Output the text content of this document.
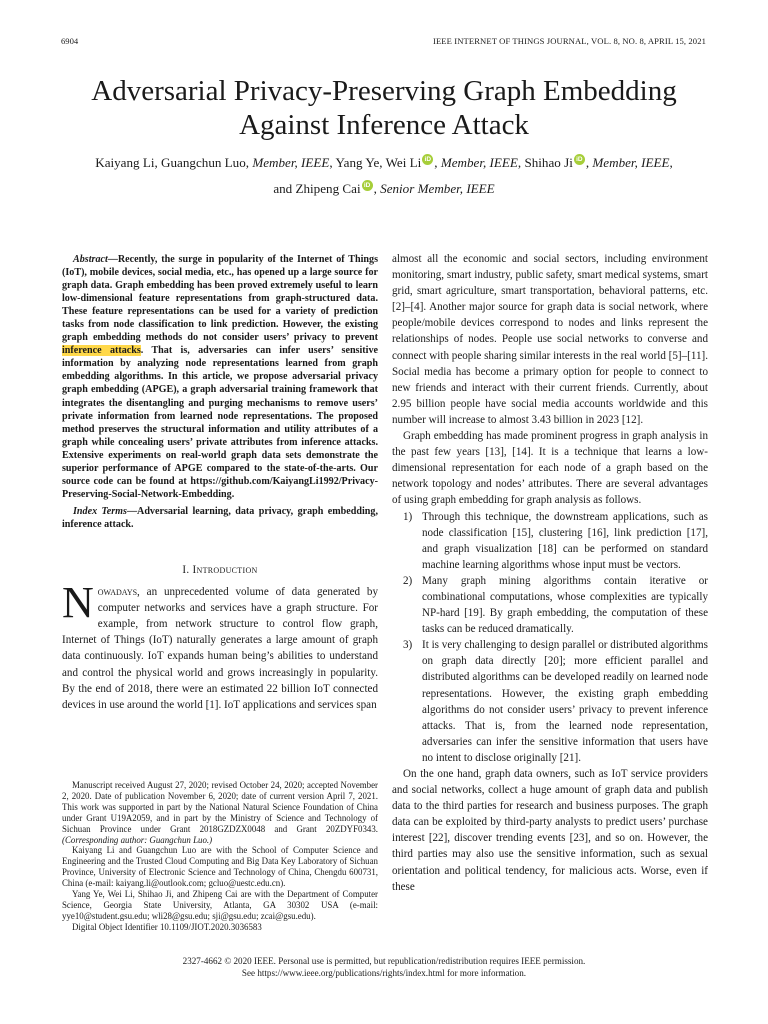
6904	IEEE INTERNET OF THINGS JOURNAL, VOL. 8, NO. 8, APRIL 15, 2021
Adversarial Privacy-Preserving Graph Embedding
Against Inference Attack
Kaiyang Li, Guangchun Luo, Member, IEEE, Yang Ye, Wei Li iD , Member, IEEE, Shihao Ji iD , Member, IEEE,
and Zhipeng Cai iD , Senior Member, IEEE

Abstract—Recently, the surge in popularity of the Internet of Things (IoT), mobile devices, social media, etc., has opened up a large source for graph data. Graph embedding has been proved extremely useful to learn low-dimensional feature representations from graph-structured data. These feature representations can be used for a variety of prediction tasks from node classification to link prediction. However, the existing graph embedding methods do not consider users’ privacy to prevent inference attacks. That is, adversaries can infer users’ sensitive information by analyzing node representations learned from graph embedding algorithms. In this article, we propose adversarial privacy graph embedding (APGE), a graph adversarial training framework that integrates the disentangling and purging mechanisms to remove users’ private information from learned node representations. The proposed method preserves the structural information and utility attributes of a graph while concealing users’ private attributes from inference attacks. Extensive experiments on real-world graph data sets demonstrate the superior performance of APGE compared to the state-of-the-arts. Our source code can be found at https://github.com/KaiyangLi1992/Privacy-Preserving-Social-Network-Embedding.

Index Terms—Adversarial learning, data privacy, graph embedding, inference attack.

I. Introduction

Nowadays, an unprecedented volume of data generated by computer networks and services have a graph structure. For example, from network structure to control flow graph, Internet of Things (IoT) naturally generates a large amount of graph data continuously. IoT expands human being’s abilities to understand and control the physical world and grows increasingly in popularity. By the end of 2018, there were an estimated 22 billion IoT connected devices in use around the world [1]. IoT applications and services span

Manuscript received August 27, 2020; revised October 24, 2020; accepted November 2, 2020. Date of publication November 6, 2020; date of current version April 7, 2021. This work was supported in part by the National Natural Science Foundation of China under Grant U19A2059, and in part by the Ministry of Science and Technology of Sichuan Province under Grant 2018GZDZX0048 and Grant 20ZDYF0343. (Corresponding author: Guangchun Luo.)

Kaiyang Li and Guangchun Luo are with the School of Computer Science and Engineering and the Trusted Cloud Computing and Big Data Key Laboratory of Sichuan Province, University of Electronic Science and Technology of China, Chengdu 600731, China (e-mail: kaiyang.li@outlook.com; gcluo@uestc.edu.cn).

Yang Ye, Wei Li, Shihao Ji, and Zhipeng Cai are with the Department of Computer Science, Georgia State University, Atlanta, GA 30302 USA (e-mail: yye10@student.gsu.edu; wli28@gsu.edu; sji@gsu.edu; zcai@gsu.edu).

Digital Object Identifier 10.1109/JIOT.2020.3036583

almost all the economic and social sectors, including environment monitoring, smart industry, public safety, smart medical systems, smart grid, smart agriculture, smart transportation, behavioral patterns, etc. [2]–[4]. Another major source for graph data is social network, where people/mobile devices correspond to nodes and links represent the relationships of nodes. People use social networks to converse and connect with people sharing similar interests in the real world [5]–[11]. Social media has become a primary option for people to connect to new friends and interact with their current friends. Currently, about 2.95 billion people have social media accounts worldwide and this number will increase to almost 3.43 billion in 2023 [12].

Graph embedding has made prominent progress in graph analysis in the past few years [13], [14]. It is a technique that learns a low-dimensional representation for each node of a graph based on the network topology and nodes’ attributes. There are several advantages of using graph embedding for graph analysis as follows.

1) Through this technique, the downstream applications, such as node classification [15], clustering [16], link prediction [17], and graph visualization [18] can be performed on standard machine learning algorithms whose input must be vectors.
2) Many graph mining algorithms contain iterative or combinational computations, whose complexities are typically NP-hard [19]. By graph embedding, the computation of these tasks can be reduced dramatically.
3) It is very challenging to design parallel or distributed algorithms on graph data directly [20]; more efficient parallel and distributed algorithms can be developed readily on learned node representations. However, the existing graph embedding algorithms do not consider users’ privacy to prevent inference attacks. That is, from the learned node representation, adversaries can infer the sensitive information that users have no intent to disclose originally [21].

On the one hand, graph data owners, such as IoT service providers and social networks, collect a huge amount of graph data and publish data to the third parties for research and business purposes. The graph data can be exploited by third-party analysts to predict users’ purchase interest [22], discover trending events [23], and so on. However, the third parties may also use the sensitive information, such as sexual orientation and political tendency, for malicious acts. Worse, even if these

2327-4662 © 2020 IEEE. Personal use is permitted, but republication/redistribution requires IEEE permission.
See https://www.ieee.org/publications/rights/index.html for more information.
